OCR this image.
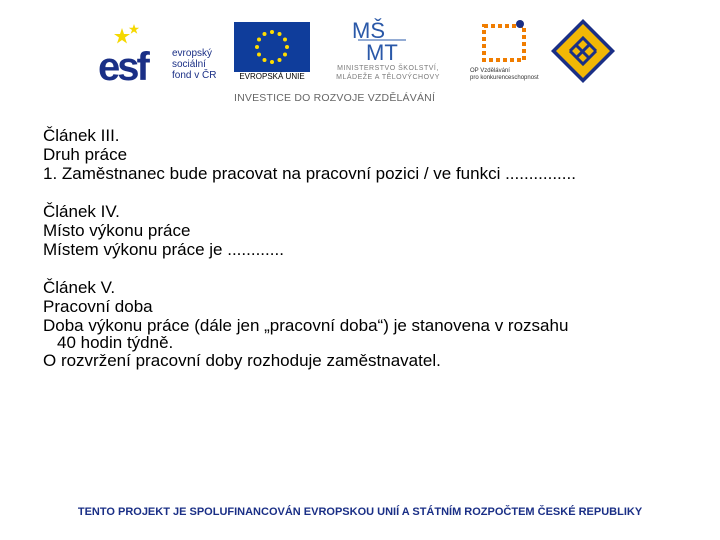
esf	evropský
sociální
fond v ČR	EVROPSKÁ UNIE
MŠ
MT
MINISTERSTVO ŠKOLSTVÍ,
MLÁDEŽE A TĚLOVÝCHOVY
OP Vzdělávání
pro konkurenceschopnost
INVESTICE DO ROZVOJE VZDĚLÁVÁNÍ

Článek III.

Druh práce

1. Zaměstnanec bude pracovat na pracovní pozici / ve funkci ...............

Článek IV.

Místo výkonu práce

Místem výkonu práce je ............

Článek V.

Pracovní doba

Doba výkonu práce (dále jen „pracovní doba“) je stanovena v rozsahu

40 hodin týdně.

O rozvržení pracovní doby rozhoduje zaměstnavatel.

TENTO PROJEKT JE SPOLUFINANCOVÁN EVROPSKOU UNIÍ A STÁTNÍM ROZPOČTEM ČESKÉ REPUBLIKY
